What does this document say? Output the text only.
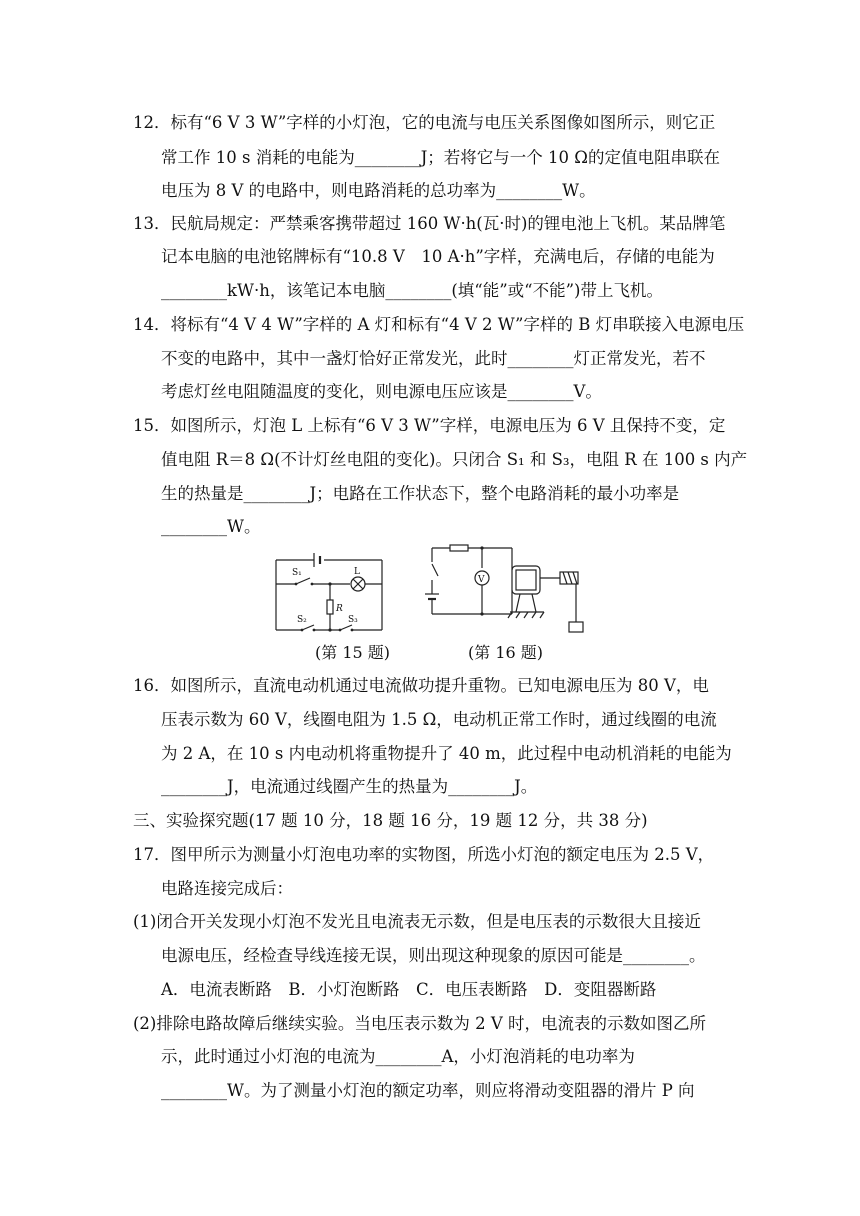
12．标有“6 V 3 W”字样的小灯泡，它的电流与电压关系图像如图所示，则它正
常工作 10 s 消耗的电能为________J；若将它与一个 10 Ω的定值电阻串联在
电压为 8 V 的电路中，则电路消耗的总功率为________W。
13．民航局规定：严禁乘客携带超过 160 W·h(瓦·时)的锂电池上飞机。某品牌笔
记本电脑的电池铭牌标有“10.8 V　10 A·h”字样，充满电后，存储的电能为
________kW·h，该笔记本电脑________(填“能”或“不能”)带上飞机。
14．将标有“4 V 4 W”字样的 A 灯和标有“4 V 2 W”字样的 B 灯串联接入电源电压
不变的电路中，其中一盏灯恰好正常发光，此时________灯正常发光，若不
考虑灯丝电阻随温度的变化，则电源电压应该是________V。
15．如图所示，灯泡 L 上标有“6 V 3 W”字样，电源电压为 6 V 且保持不变，定
值电阻 R＝8 Ω(不计灯丝电阻的变化)。只闭合 S₁ 和 S₃，电阻 R 在 100 s 内产
生的热量是________J；电路在工作状态下，整个电路消耗的最小功率是
________W。
S₁	L
R
S₂	S₃
V
(第 15 题)	(第 16 题)
16．如图所示，直流电动机通过电流做功提升重物。已知电源电压为 80 V，电
压表示数为 60 V，线圈电阻为 1.5 Ω，电动机正常工作时，通过线圈的电流
为 2 A，在 10 s 内电动机将重物提升了 40 m，此过程中电动机消耗的电能为
________J，电流通过线圈产生的热量为________J。
三、实验探究题(17 题 10 分，18 题 16 分，19 题 12 分，共 38 分)
17．图甲所示为测量小灯泡电功率的实物图，所选小灯泡的额定电压为 2.5 V，
电路连接完成后：
(1)闭合开关发现小灯泡不发光且电流表无示数，但是电压表的示数很大且接近
电源电压，经检查导线连接无误，则出现这种现象的原因可能是________。
A．电流表断路　B．小灯泡断路　C．电压表断路　D．变阻器断路
(2)排除电路故障后继续实验。当电压表示数为 2 V 时，电流表的示数如图乙所
示，此时通过小灯泡的电流为________A，小灯泡消耗的电功率为
________W。为了测量小灯泡的额定功率，则应将滑动变阻器的滑片 P 向
